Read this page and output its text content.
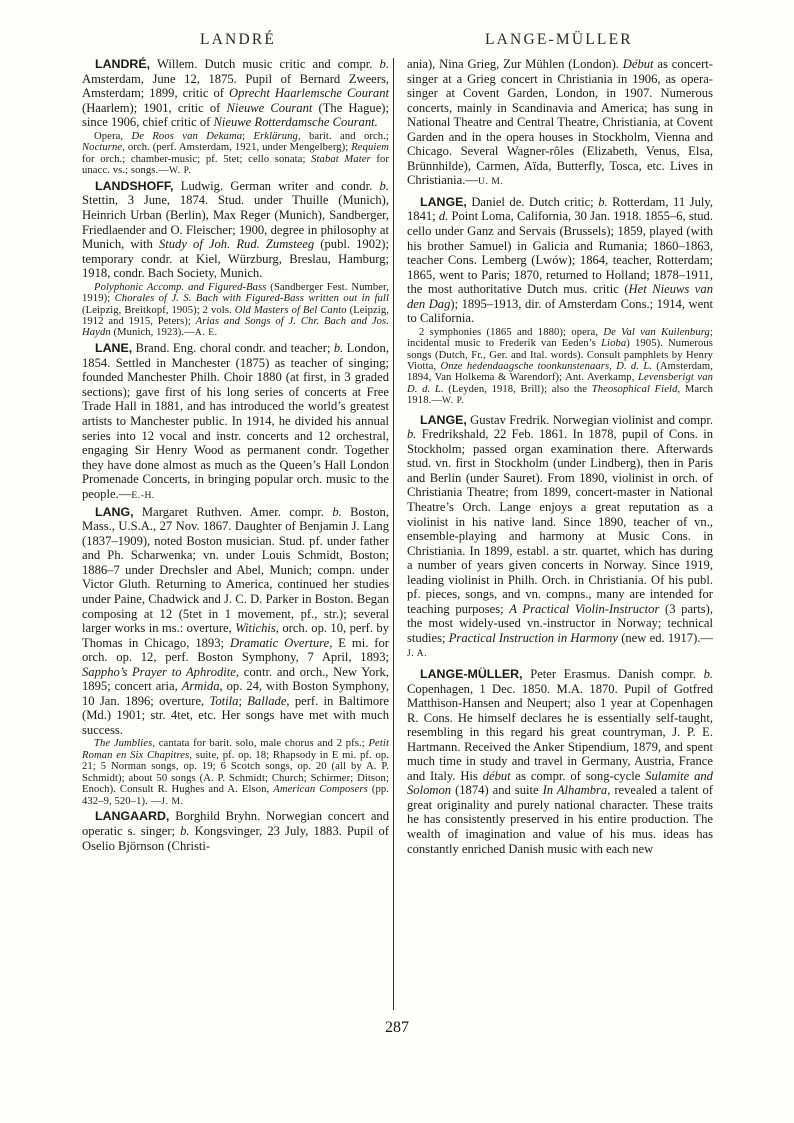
LANDRÉ	LANGE-MÜLLER

LANDRÉ, Willem. Dutch music critic and compr. b. Amsterdam, June 12, 1875. Pupil of Bernard Zweers, Amsterdam; 1899, critic of Oprecht Haarlemsche Courant (Haarlem); 1901, critic of Nieuwe Courant (The Hague); since 1906, chief critic of Nieuwe Rotterdamsche Courant.

Opera, De Roos van Dekama; Erklärung, barit. and orch.; Nocturne, orch. (perf. Amsterdam, 1921, under Mengelberg); Requiem for orch.; chamber-music; pf. 5tet; cello sonata; Stabat Mater for unacc. vs.; songs.—W. P.

LANDSHOFF, Ludwig. German writer and condr. b. Stettin, 3 June, 1874. Stud. under Thuille (Munich), Heinrich Urban (Berlin), Max Reger (Munich), Sandberger, Friedlaender and O. Fleischer; 1900, degree in philosophy at Munich, with Study of Joh. Rud. Zumsteeg (publ. 1902); temporary condr. at Kiel, Würzburg, Breslau, Hamburg; 1918, condr. Bach Society, Munich.

Polyphonic Accomp. and Figured-Bass (Sandberger Fest. Number, 1919); Chorales of J. S. Bach with Figured-Bass written out in full (Leipzig, Breitkopf, 1905); 2 vols. Old Masters of Bel Canto (Leipzig, 1912 and 1915, Peters); Arias and Songs of J. Chr. Bach and Jos. Haydn (Munich, 1923).—A. E.

LANE, Brand. Eng. choral condr. and teacher; b. London, 1854. Settled in Manchester (1875) as teacher of singing; founded Manchester Philh. Choir 1880 (at first, in 3 graded sections); gave first of his long series of concerts at Free Trade Hall in 1881, and has introduced the world’s greatest artists to Manchester public. In 1914, he divided his annual series into 12 vocal and instr. concerts and 12 orchestral, engaging Sir Henry Wood as permanent condr. Together they have done almost as much as the Queen’s Hall London Promenade Concerts, in bringing popular orch. music to the people.—E.-H.

LANG, Margaret Ruthven. Amer. compr. b. Boston, Mass., U.S.A., 27 Nov. 1867. Daughter of Benjamin J. Lang (1837–1909), noted Boston musician. Stud. pf. under father and Ph. Scharwenka; vn. under Louis Schmidt, Boston; 1886–7 under Drechsler and Abel, Munich; compn. under Victor Gluth. Returning to America, continued her studies under Paine, Chadwick and J. C. D. Parker in Boston. Began composing at 12 (5tet in 1 movement, pf., str.); several larger works in ms.: overture, Witichis, orch. op. 10, perf. by Thomas in Chicago, 1893; Dramatic Overture, E mi. for orch. op. 12, perf. Boston Symphony, 7 April, 1893; Sappho’s Prayer to Aphrodite, contr. and orch., New York, 1895; concert aria, Armida, op. 24, with Boston Symphony, 10 Jan. 1896; overture, Totila; Ballade, perf. in Baltimore (Md.) 1901; str. 4tet, etc. Her songs have met with much success.

The Jumblies, cantata for barit. solo, male chorus and 2 pfs.; Petit Roman en Six Chapitres, suite, pf. op. 18; Rhapsody in E mi. pf. op. 21; 5 Norman songs, op. 19; 6 Scotch songs, op. 20 (all by A. P. Schmidt); about 50 songs (A. P. Schmidt; Church; Schirmer; Ditson; Enoch). Consult R. Hughes and A. Elson, American Composers (pp. 432–9, 520–1). —J. M.

LANGAARD, Borghild Bryhn. Norwegian concert and operatic s. singer; b. Kongsvinger, 23 July, 1883. Pupil of Oselio Björnson (Christi-

ania), Nina Grieg, Zur Mühlen (London). Début as concert-singer at a Grieg concert in Christiania in 1906, as opera-singer at Covent Garden, London, in 1907. Numerous concerts, mainly in Scandinavia and America; has sung in National Theatre and Central Theatre, Christiania, at Covent Garden and in the opera houses in Stockholm, Vienna and Chicago. Several Wagner-rôles (Elizabeth, Venus, Elsa, Brünnhilde), Carmen, Aïda, Butterfly, Tosca, etc. Lives in Christiania.—U. M.

LANGE, Daniel de. Dutch critic; b. Rotterdam, 11 July, 1841; d. Point Loma, California, 30 Jan. 1918. 1855–6, stud. cello under Ganz and Servais (Brussels); 1859, played (with his brother Samuel) in Galicia and Rumania; 1860–1863, teacher Cons. Lemberg (Lwów); 1864, teacher, Rotterdam; 1865, went to Paris; 1870, returned to Holland; 1878–1911, the most authoritative Dutch mus. critic (Het Nieuws van den Dag); 1895–1913, dir. of Amsterdam Cons.; 1914, went to California.

2 symphonies (1865 and 1880); opera, De Val van Kuilenburg; incidental music to Frederik van Eeden’s Lioba) 1905). Numerous songs (Dutch, Fr., Ger. and Ital. words). Consult pamphlets by Henry Viotta, Onze hedendaagsche toonkunstenaars, D. d. L. (Amsterdam, 1894, Van Holkema & Warendorf); Ant. Averkamp, Levensberigt van D. d. L. (Leyden, 1918, Brill); also the Theosophical Field, March 1918.—W. P.

LANGE, Gustav Fredrik. Norwegian violinist and compr. b. Fredrikshald, 22 Feb. 1861. In 1878, pupil of Cons. in Stockholm; passed organ examination there. Afterwards stud. vn. first in Stockholm (under Lindberg), then in Paris and Berlin (under Sauret). From 1890, violinist in orch. of Christiania Theatre; from 1899, concert-master in National Theatre’s Orch. Lange enjoys a great reputation as a violinist in his native land. Since 1890, teacher of vn., ensemble-playing and harmony at Music Cons. in Christiania. In 1899, establ. a str. quartet, which has during a number of years given concerts in Norway. Since 1919, leading violinist in Philh. Orch. in Christiania. Of his publ. pf. pieces, songs, and vn. compns., many are intended for teaching purposes; A Practical Violin-Instructor (3 parts), the most widely-used vn.-instructor in Norway; technical studies; Practical Instruction in Harmony (new ed. 1917).—J. A.

LANGE-MÜLLER, Peter Erasmus. Danish compr. b. Copenhagen, 1 Dec. 1850. M.A. 1870. Pupil of Gotfred Matthison-Hansen and Neupert; also 1 year at Copenhagen R. Cons. He himself declares he is essentially self-taught, resembling in this regard his great countryman, J. P. E. Hartmann. Received the Anker Stipendium, 1879, and spent much time in study and travel in Germany, Austria, France and Italy. His début as compr. of song-cycle Sulamite and Solomon (1874) and suite In Alhambra, revealed a talent of great originality and purely national character. These traits he has consistently preserved in his entire production. The wealth of imagination and value of his mus. ideas has constantly enriched Danish music with each new

287
